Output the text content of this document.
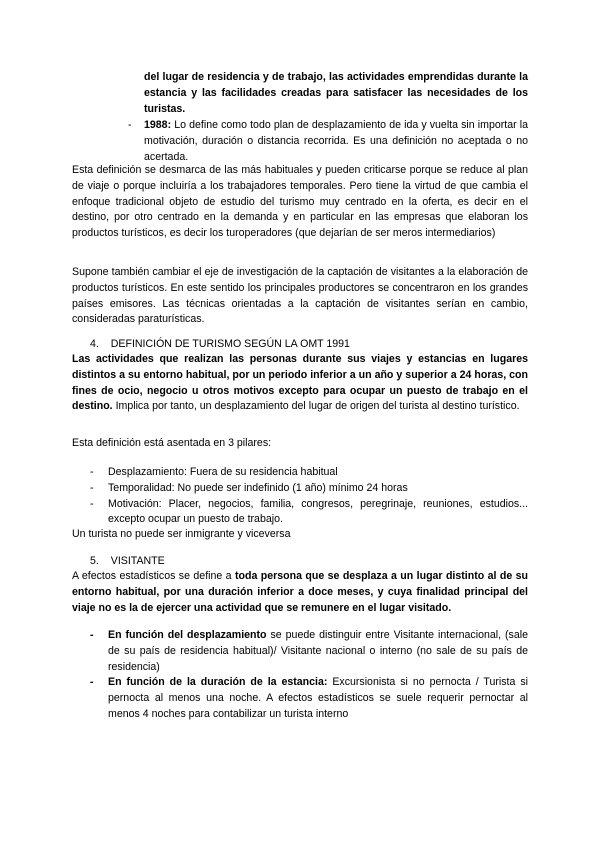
del lugar de residencia y de trabajo, las actividades emprendidas durante la estancia y las facilidades creadas para satisfacer las necesidades de los turistas.

- 1988: Lo define como todo plan de desplazamiento de ida y vuelta sin importar la motivación, duración o distancia recorrida. Es una definición no aceptada o no acertada.

Esta definición se desmarca de las más habituales y pueden criticarse porque se reduce al plan de viaje o porque incluiría a los trabajadores temporales. Pero tiene la virtud de que cambia el enfoque tradicional objeto de estudio del turismo muy centrado en la oferta, es decir en el destino, por otro centrado en la demanda y en particular en las empresas que elaboran los productos turísticos, es decir los turoperadores (que dejarían de ser meros intermediarios)

Supone también cambiar el eje de investigación de la captación de visitantes a la elaboración de productos turísticos. En este sentido los principales productores se concentraron en los grandes países emisores. Las técnicas orientadas a la captación de visitantes serían en cambio, consideradas paraturísticas.

4. DEFINICIÓN DE TURISMO SEGÚN LA OMT 1991

Las actividades que realizan las personas durante sus viajes y estancias en lugares distintos a su entorno habitual, por un periodo inferior a un año y superior a 24 horas, con fines de ocio, negocio u otros motivos excepto para ocupar un puesto de trabajo en el destino. Implica por tanto, un desplazamiento del lugar de origen del turista al destino turístico.

Esta definición está asentada en 3 pilares:

- Desplazamiento: Fuera de su residencia habitual

- Temporalidad: No puede ser indefinido (1 año) mínimo 24 horas

- Motivación: Placer, negocios, familia, congresos, peregrinaje, reuniones, estudios... excepto ocupar un puesto de trabajo.

Un turista no puede ser inmigrante y viceversa

5. VISITANTE

A efectos estadísticos se define a toda persona que se desplaza a un lugar distinto al de su entorno habitual, por una duración inferior a doce meses, y cuya finalidad principal del viaje no es la de ejercer una actividad que se remunere en el lugar visitado.

- En función del desplazamiento se puede distinguir entre Visitante internacional, (sale de su país de residencia habitual)/ Visitante nacional o interno (no sale de su país de residencia)

- En función de la duración de la estancia: Excursionista si no pernocta / Turista si pernocta al menos una noche. A efectos estadísticos se suele requerir pernoctar al menos 4 noches para contabilizar un turista interno
